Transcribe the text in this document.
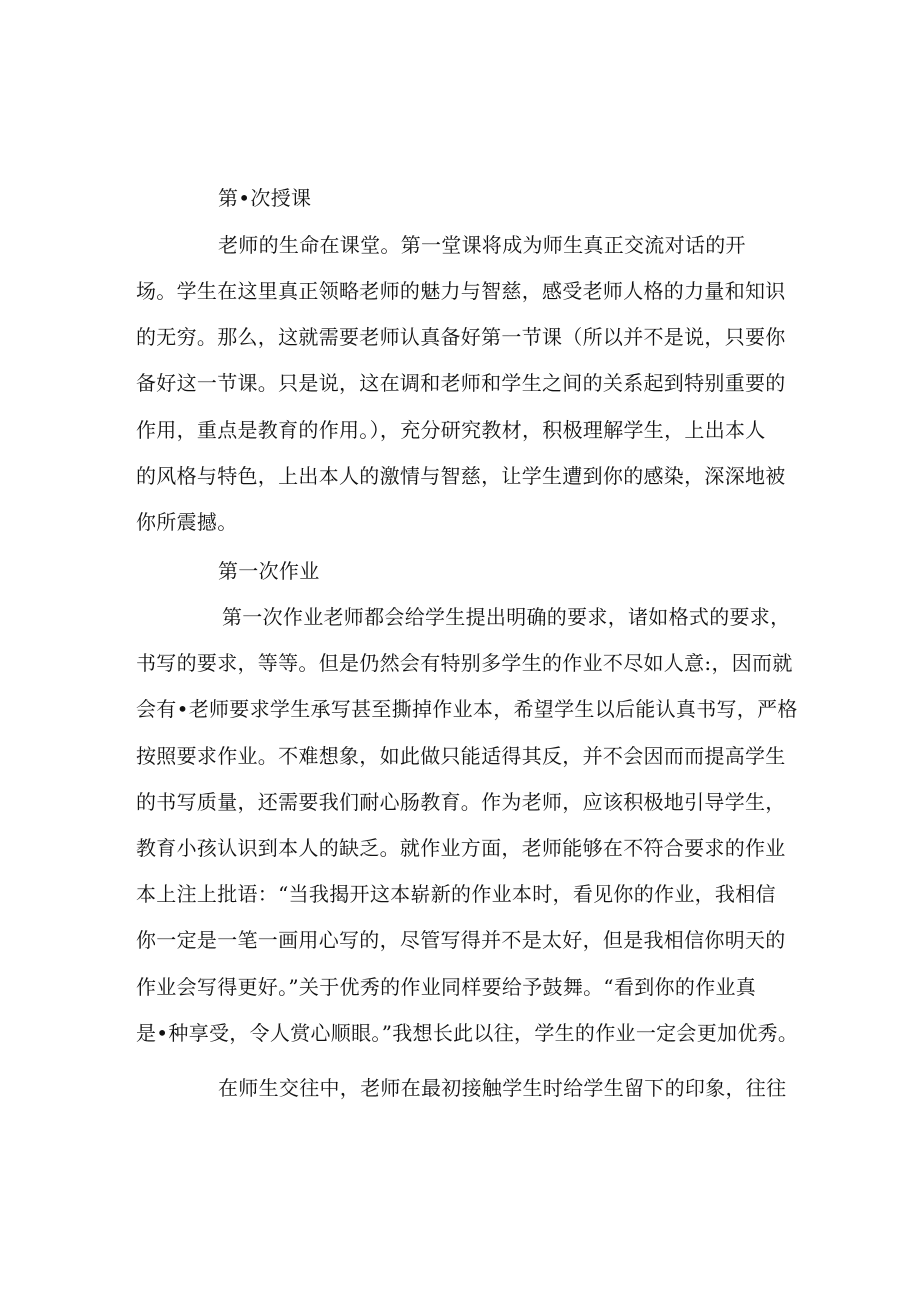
第•次授课
老师的生命在课堂。第一堂课将成为师生真正交流对话的开
场。学生在这里真正领略老师的魅力与智慈，感受老师人格的力量和知识
的无穷。那么，这就需要老师认真备好第一节课（所以并不是说，只要你
备好这一节课。只是说，这在调和老师和学生之间的关系起到特别重要的
作用，重点是教育的作用。），充分研究教材，积极理解学生，上出本人
的风格与特色，上出本人的激情与智慈，让学生遭到你的感染，深深地被
你所震撼。
第一次作业
第一次作业老师都会给学生提出明确的要求，诸如格式的要求，
书写的要求，等等。但是仍然会有特别多学生的作业不尽如人意:，因而就
会有•老师要求学生承写甚至撕掉作业本，希望学生以后能认真书写，严格
按照要求作业。不难想象，如此做只能适得其反，并不会因而而提高学生
的书写质量，还需要我们耐心肠教育。作为老师，应该积极地引导学生，
教育小孩认识到本人的缺乏。就作业方面，老师能够在不符合要求的作业
本上注上批语：“当我揭开这本崭新的作业本时，看见你的作业，我相信
你一定是一笔一画用心写的，尽管写得并不是太好，但是我相信你明天的
作业会写得更好。”关于优秀的作业同样要给予鼓舞。“看到你的作业真
是•种享受，令人赏心顺眼。”我想长此以往，学生的作业一定会更加优秀。
在师生交往中，老师在最初接触学生时给学生留下的印象，往往
